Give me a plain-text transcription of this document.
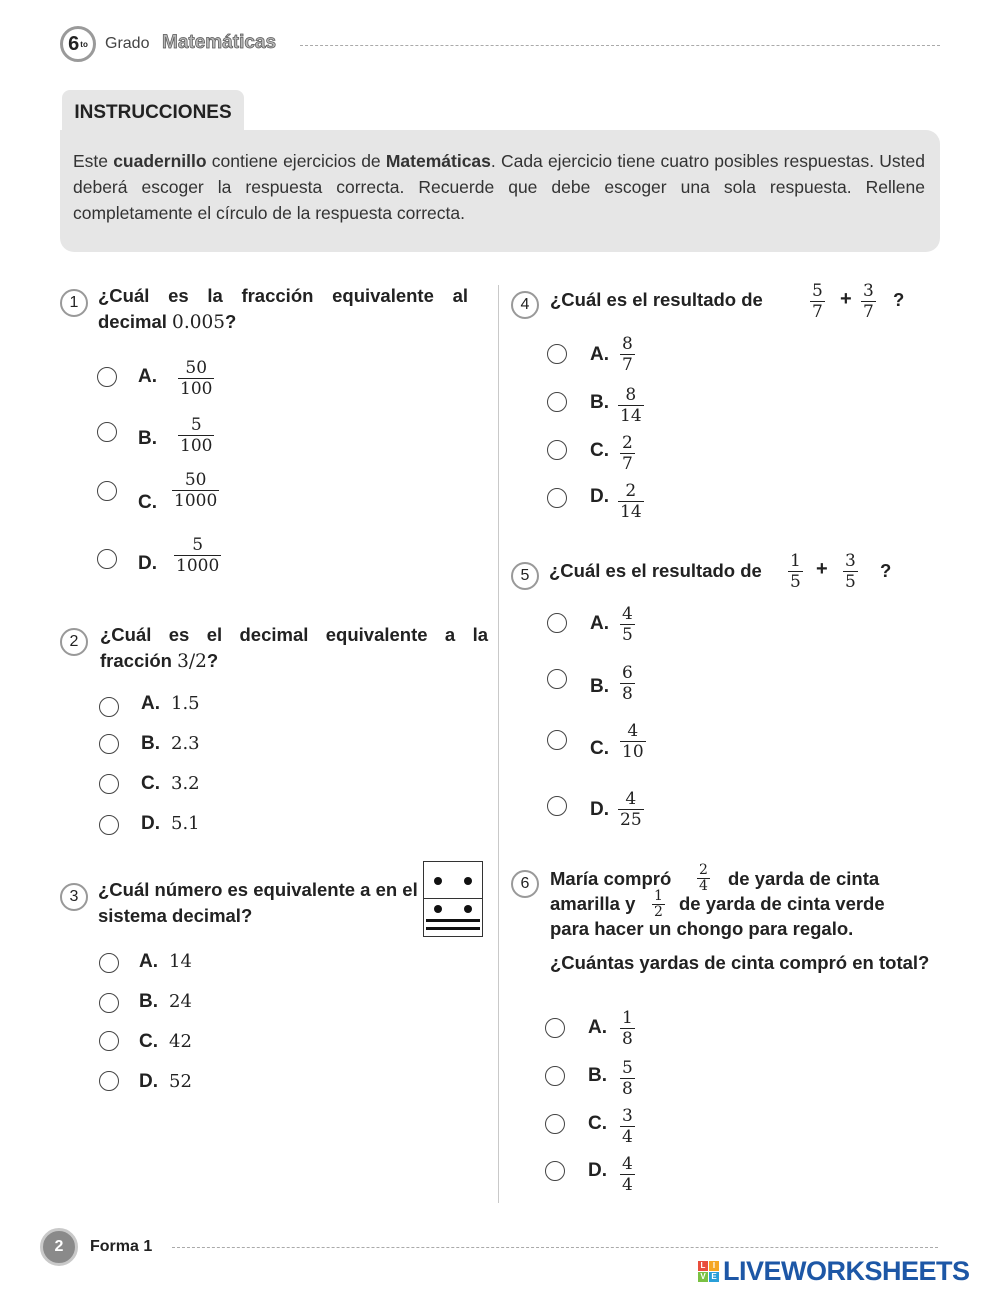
6 to Grado Matemáticas
INSTRUCCIONES
Este cuadernillo contiene ejercicios de Matemáticas. Cada ejercicio tiene cuatro posibles respuestas. Usted deberá escoger la respuesta correcta. Recuerde que debe escoger una sola respuesta. Rellene completamente el círculo de la respuesta correcta.
1	¿Cuál es la fracción equivalente al decimal 0.005?
A. $\frac{50}{100}$
B. $\frac{5}{100}$
C. $\frac{50}{1000}$
D. $\frac{5}{1000}$
2	¿Cuál es el decimal equivalente a la fracción 3/2?
A. 1.5
B. 2.3
C. 3.2
D. 5.1
3	¿Cuál número es equivalente a en el sistema decimal?
A. 14
B. 24
C. 42
D. 52
4	¿Cuál es el resultado de	$\frac{5}{7} + \frac{3}{7}$ ?
A. $\frac{8}{7}$
B. $\frac{8}{14}$
C. $\frac{2}{7}$
D. $\frac{2}{14}$
5	¿Cuál es el resultado de $\frac{1}{5} + \frac{3}{5}$ ?
A. $\frac{4}{5}$
B. $\frac{6}{8}$
C. $\frac{4}{10}$
D. $\frac{4}{25}$
6	María compró $\frac{2}{4}$ de yarda de cinta
amarilla y $\frac{1}{2}$ de yarda de cinta verde
para hacer un chongo para regalo.
¿Cuántas yardas de cinta compró en total?
A. $\frac{1}{8}$
B. $\frac{5}{8}$
C. $\frac{3}{4}$
D. $\frac{4}{4}$
2	Forma 1
L I
V E LIVEWORKSHEETS
